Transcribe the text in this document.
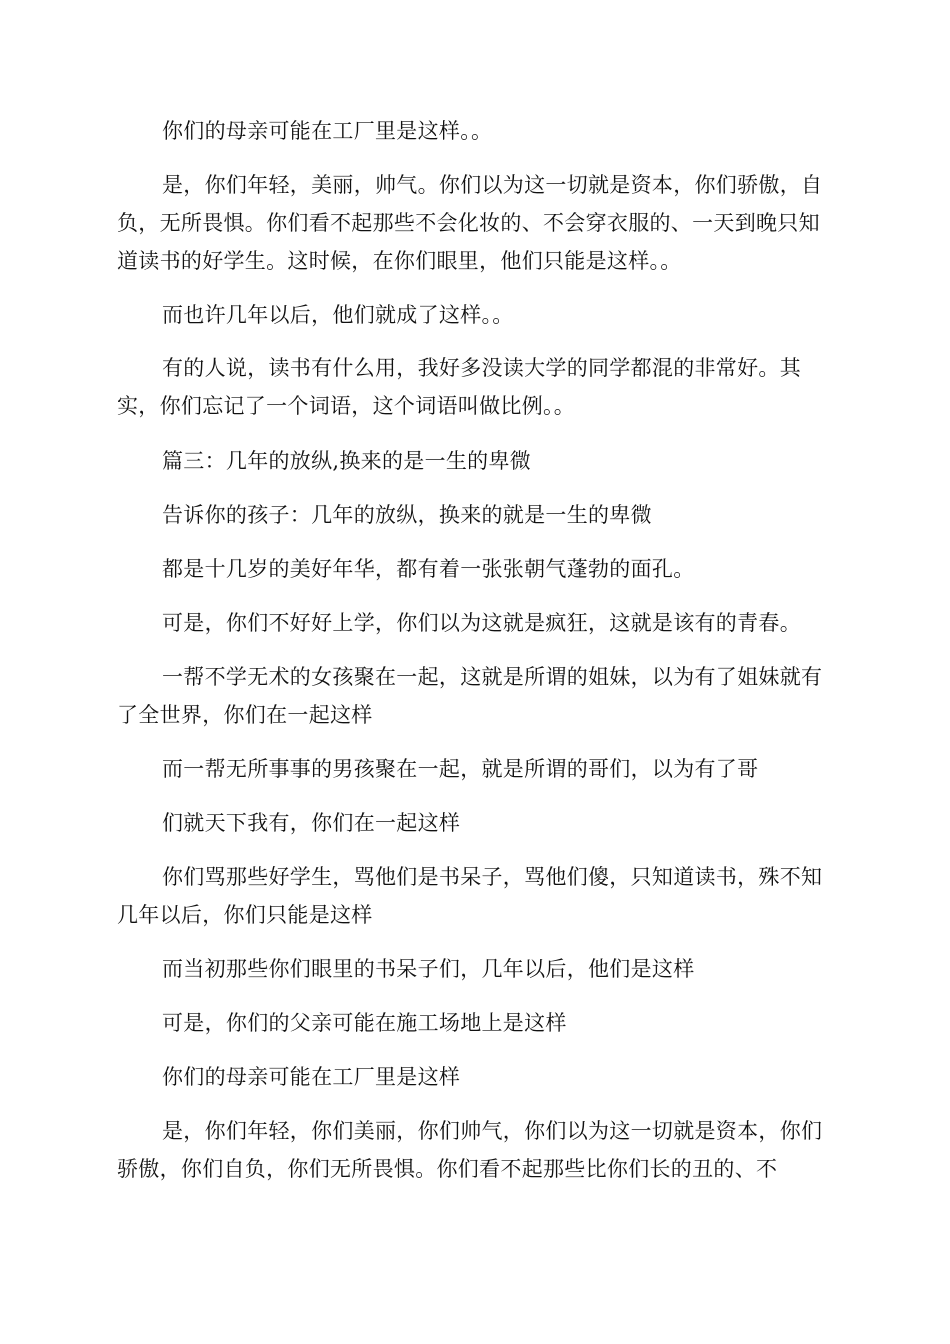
你们的母亲可能在工厂里是这样。。

是，你们年轻，美丽，帅气。你们以为这一切就是资本，你们骄傲，自负，无所畏惧。你们看不起那些不会化妆的、不会穿衣服的、一天到晚只知道读书的好学生。这时候，在你们眼里，他们只能是这样。。

而也许几年以后，他们就成了这样。。

有的人说，读书有什么用，我好多没读大学的同学都混的非常好。其实，你们忘记了一个词语，这个词语叫做比例。。

篇三：几年的放纵,换来的是一生的卑微

告诉你的孩子：几年的放纵，换来的就是一生的卑微

都是十几岁的美好年华，都有着一张张朝气蓬勃的面孔。

可是，你们不好好上学，你们以为这就是疯狂，这就是该有的青春。

一帮不学无术的女孩聚在一起，这就是所谓的姐妹，以为有了姐妹就有了全世界，你们在一起这样

而一帮无所事事的男孩聚在一起，就是所谓的哥们，以为有了哥

们就天下我有，你们在一起这样

你们骂那些好学生，骂他们是书呆子，骂他们傻，只知道读书，殊不知几年以后，你们只能是这样

而当初那些你们眼里的书呆子们，几年以后，他们是这样

可是，你们的父亲可能在施工场地上是这样

你们的母亲可能在工厂里是这样

是，你们年轻，你们美丽，你们帅气，你们以为这一切就是资本，你们骄傲，你们自负，你们无所畏惧。你们看不起那些比你们长的丑的、不
